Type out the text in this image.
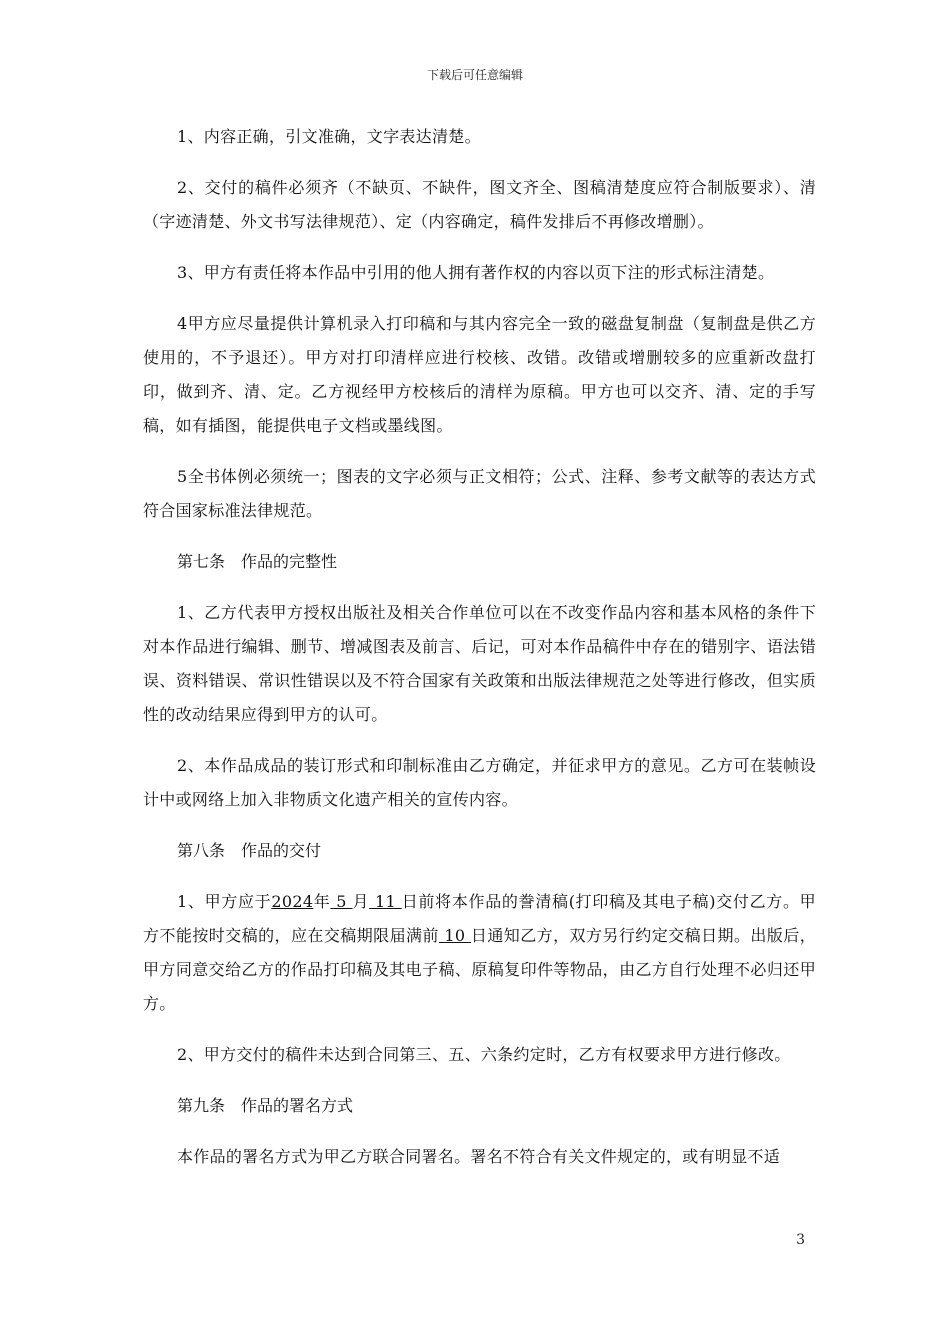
下载后可任意编辑

1、内容正确，引文准确，文字表达清楚。

2、交付的稿件必须齐（不缺页、不缺件，图文齐全、图稿清楚度应符合制版要求）、清（字迹清楚、外文书写法律规范）、定（内容确定，稿件发排后不再修改增删）。

3、甲方有责任将本作品中引用的他人拥有著作权的内容以页下注的形式标注清楚。

4甲方应尽量提供计算机录入打印稿和与其内容完全一致的磁盘复制盘（复制盘是供乙方使用的，不予退还）。甲方对打印清样应进行校核、改错。改错或增删较多的应重新改盘打印，做到齐、清、定。乙方视经甲方校核后的清样为原稿。甲方也可以交齐、清、定的手写稿，如有插图，能提供电子文档或墨线图。

5全书体例必须统一；图表的文字必须与正文相符；公式、注释、参考文献等的表达方式符合国家标准法律规范。

第七条　作品的完整性

1、乙方代表甲方授权出版社及相关合作单位可以在不改变作品内容和基本风格的条件下对本作品进行编辑、删节、增减图表及前言、后记，可对本作品稿件中存在的错别字、语法错误、资料错误、常识性错误以及不符合国家有关政策和出版法律规范之处等进行修改，但实质性的改动结果应得到甲方的认可。

2、本作品成品的装订形式和印制标准由乙方确定，并征求甲方的意见。乙方可在装帧设计中或网络上加入非物质文化遗产相关的宣传内容。

第八条　作品的交付

1、甲方应于2024年 5 月 11 日前将本作品的誊清稿(打印稿及其电子稿)交付乙方。甲方不能按时交稿的，应在交稿期限届满前 10 日通知乙方，双方另行约定交稿日期。出版后，甲方同意交给乙方的作品打印稿及其电子稿、原稿复印件等物品，由乙方自行处理不必归还甲方。

2、甲方交付的稿件未达到合同第三、五、六条约定时，乙方有权要求甲方进行修改。

第九条　作品的署名方式

本作品的署名方式为甲乙方联合同署名。署名不符合有关文件规定的，或有明显不适

3
